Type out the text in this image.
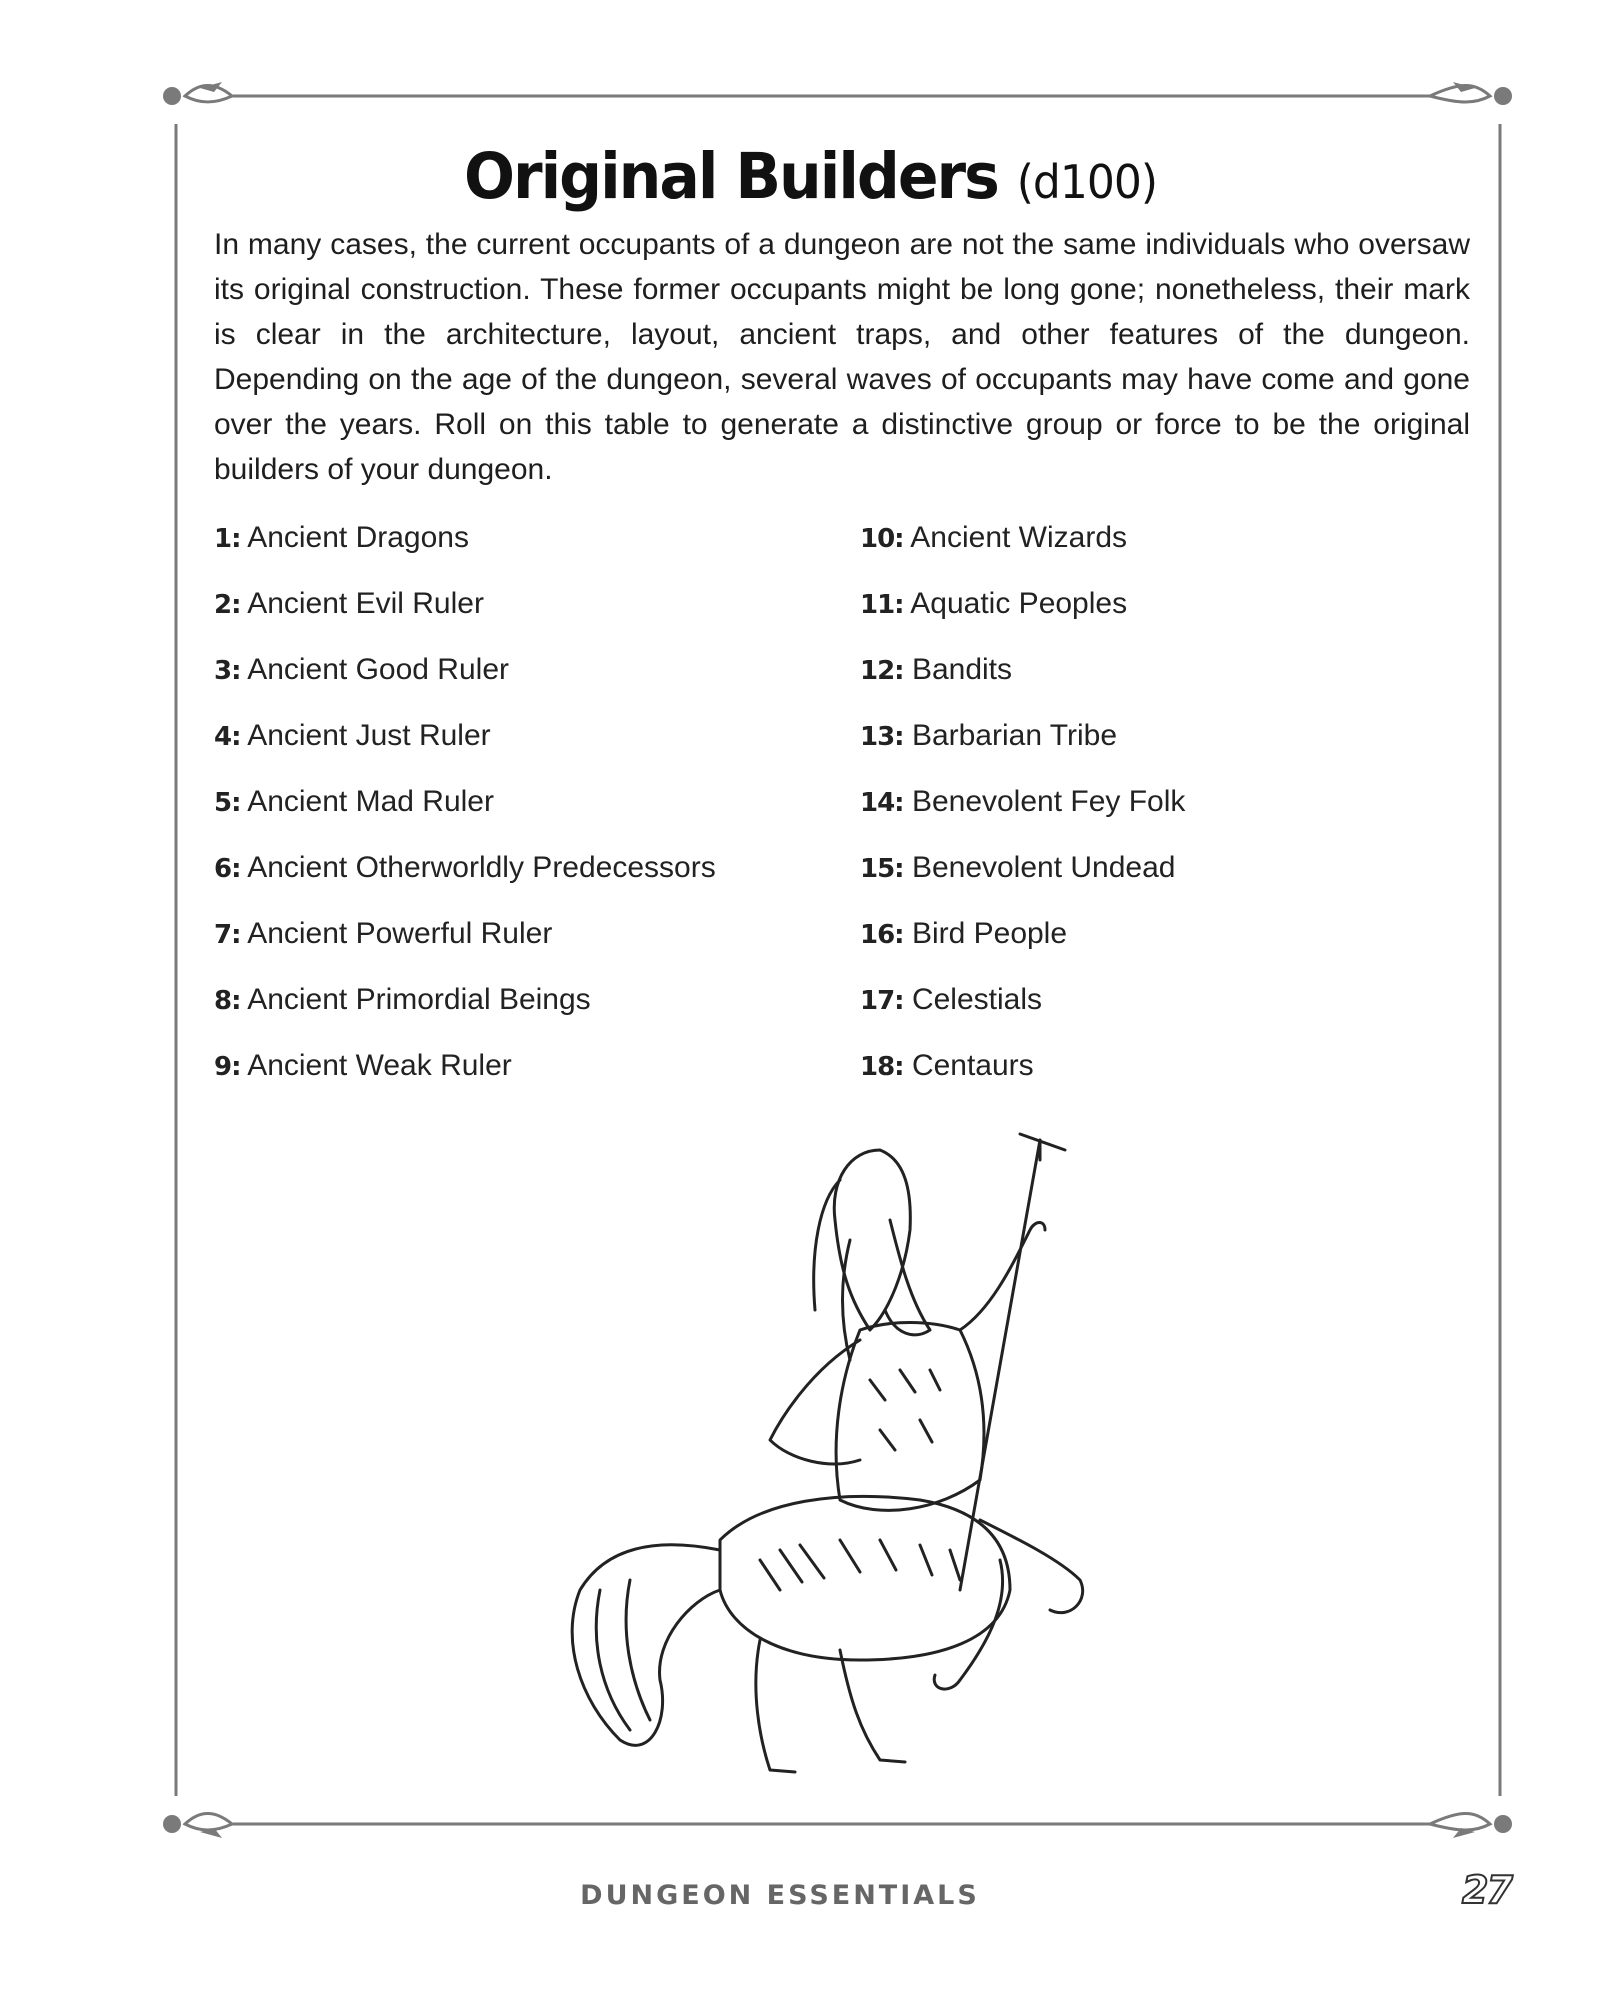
Original Builders (d100)
In many cases, the current occupants of a dungeon are not the same individuals who oversaw its original construction. These former occupants might be long gone; nonetheless, their mark is clear in the architecture, layout, ancient traps, and other features of the dungeon. Depending on the age of the dungeon, several waves of occupants may have come and gone over the years. Roll on this table to generate a distinctive group or force to be the original builders of your dungeon.
1: Ancient Dragons
2: Ancient Evil Ruler
3: Ancient Good Ruler
4: Ancient Just Ruler
5: Ancient Mad Ruler
6: Ancient Otherworldly Predecessors
7: Ancient Powerful Ruler
8: Ancient Primordial Beings
9: Ancient Weak Ruler
10: Ancient Wizards
11: Aquatic Peoples
12: Bandits
13: Barbarian Tribe
14: Benevolent Fey Folk
15: Benevolent Undead
16: Bird People
17: Celestials
18: Centaurs
DUNGEON ESSENTIALS	27
